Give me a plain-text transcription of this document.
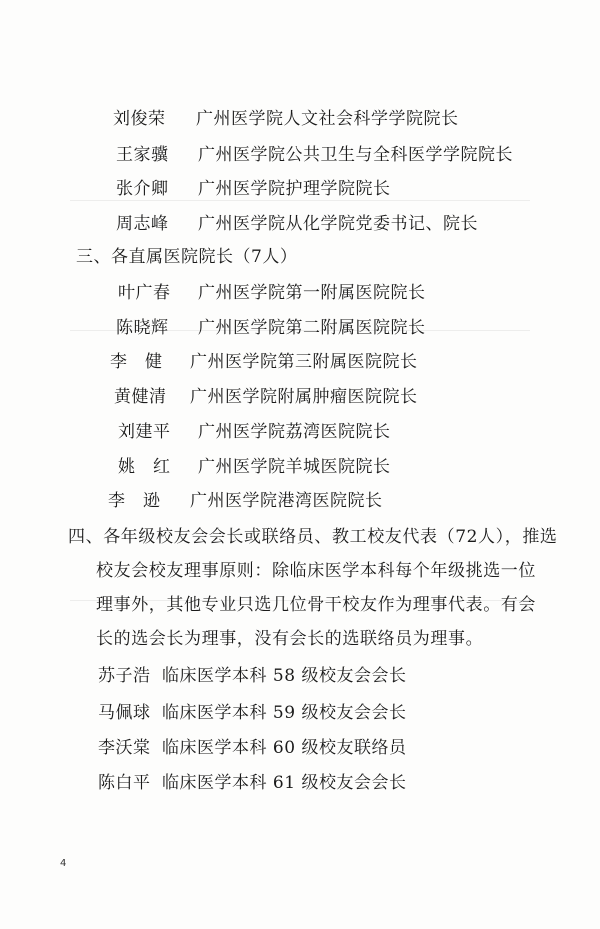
刘俊荣 广州医学院人文社会科学学院院长
王家骥 广州医学院公共卫生与全科医学学院院长
张介卿 广州医学院护理学院院长
周志峰 广州医学院从化学院党委书记、院长
三、各直属医院院长（7人）
叶广春 广州医学院第一附属医院院长
陈晓辉 广州医学院第二附属医院院长
李　健 广州医学院第三附属医院院长
黄健清 广州医学院附属肿瘤医院院长
刘建平 广州医学院荔湾医院院长
姚　红 广州医学院羊城医院院长
李　逊 广州医学院港湾医院院长
四、各年级校友会会长或联络员、教工校友代表（72人），推选
校友会校友理事原则：除临床医学本科每个年级挑选一位
理事外，其他专业只选几位骨干校友作为理事代表。有会
长的选会长为理事，没有会长的选联络员为理事。
苏子浩 临床医学本科 58 级校友会会长
马佩球 临床医学本科 59 级校友会会长
李沃棠 临床医学本科 60 级校友联络员
陈白平 临床医学本科 61 级校友会会长
4
